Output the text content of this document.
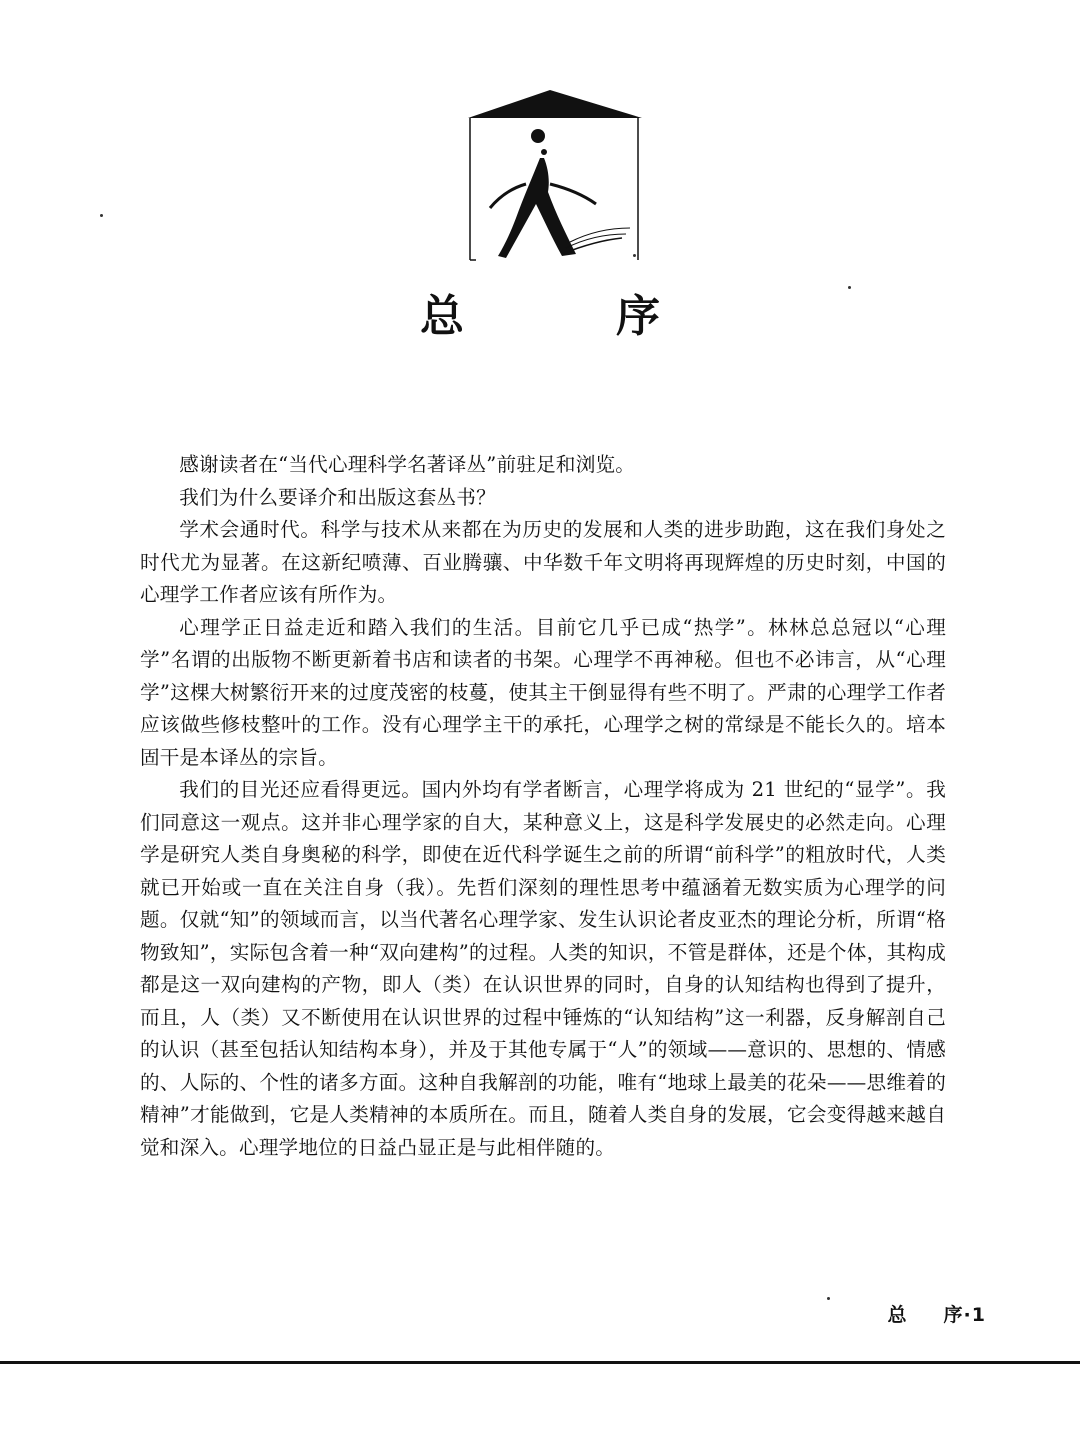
总	序

感谢读者在“当代心理科学名著译丛”前驻足和浏览。

我们为什么要译介和出版这套丛书？

学术会通时代。科学与技术从来都在为历史的发展和人类的进步助跑，这在我们身处之时代尤为显著。在这新纪喷薄、百业腾骧、中华数千年文明将再现辉煌的历史时刻，中国的心理学工作者应该有所作为。

心理学正日益走近和踏入我们的生活。目前它几乎已成“热学”。林林总总冠以“心理学”名谓的出版物不断更新着书店和读者的书架。心理学不再神秘。但也不必讳言，从“心理学”这棵大树繁衍开来的过度茂密的枝蔓，使其主干倒显得有些不明了。严肃的心理学工作者应该做些修枝整叶的工作。没有心理学主干的承托，心理学之树的常绿是不能长久的。培本固干是本译丛的宗旨。

我们的目光还应看得更远。国内外均有学者断言，心理学将成为 21 世纪的“显学”。我们同意这一观点。这并非心理学家的自大，某种意义上，这是科学发展史的必然走向。心理学是研究人类自身奥秘的科学，即使在近代科学诞生之前的所谓“前科学”的粗放时代，人类就已开始或一直在关注自身（我）。先哲们深刻的理性思考中蕴涵着无数实质为心理学的问题。仅就“知”的领域而言，以当代著名心理学家、发生认识论者皮亚杰的理论分析，所谓“格物致知”，实际包含着一种“双向建构”的过程。人类的知识，不管是群体，还是个体，其构成都是这一双向建构的产物，即人（类）在认识世界的同时，自身的认知结构也得到了提升，而且，人（类）又不断使用在认识世界的过程中锤炼的“认知结构”这一利器，反身解剖自己的认识（甚至包括认知结构本身），并及于其他专属于“人”的领域——意识的、思想的、情感的、人际的、个性的诸多方面。这种自我解剖的功能，唯有“地球上最美的花朵——思维着的精神”才能做到，它是人类精神的本质所在。而且，随着人类自身的发展，它会变得越来越自觉和深入。心理学地位的日益凸显正是与此相伴随的。

总 序·1
